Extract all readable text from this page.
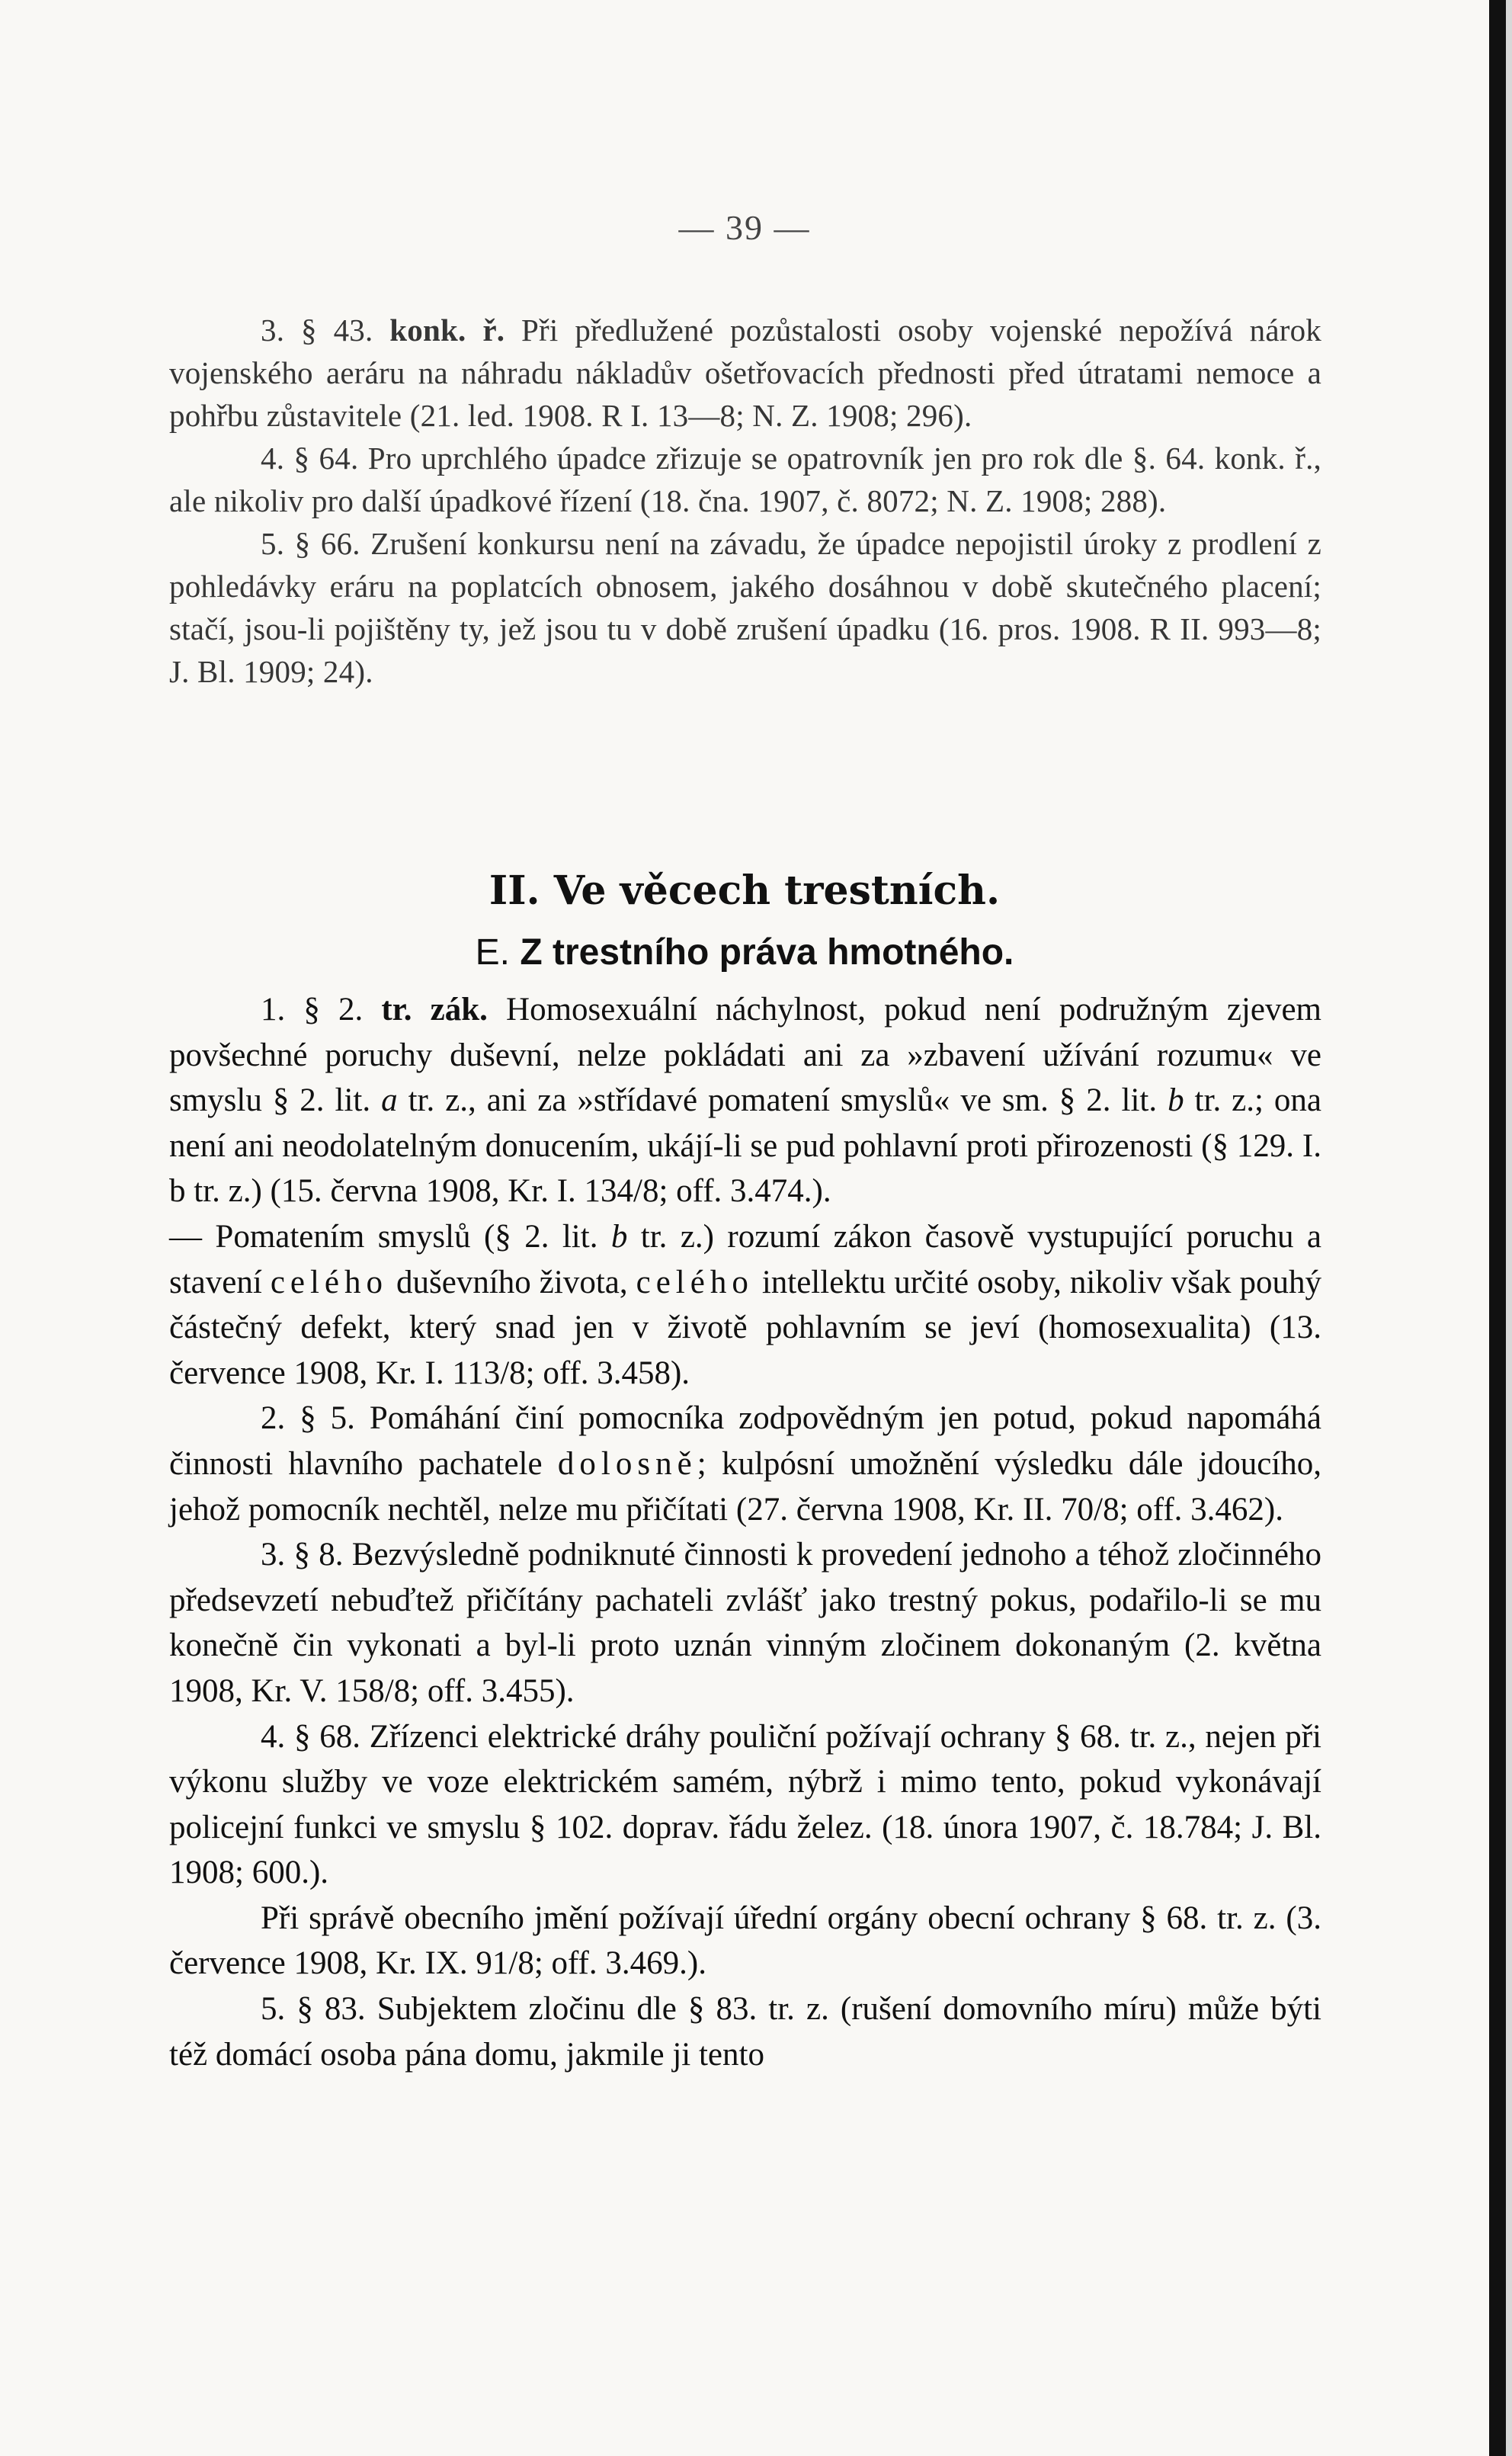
— 39 —

3. § 43. konk. ř. Při předlužené pozůstalosti osoby vojenské nepožívá nárok vojenského aeráru na náhradu nákladův ošetřovacích přednosti před útratami nemoce a pohřbu zůstavitele (21. led. 1908. R I. 13—8; N. Z. 1908; 296).

4. § 64. Pro uprchlého úpadce zřizuje se opatrovník jen pro rok dle §. 64. konk. ř., ale nikoliv pro další úpadkové řízení (18. čna. 1907, č. 8072; N. Z. 1908; 288).

5. § 66. Zrušení konkursu není na závadu, že úpadce nepojistil úroky z prodlení z pohledávky eráru na poplatcích obnosem, jakého dosáhnou v době skutečného placení; stačí, jsou-li pojištěny ty, jež jsou tu v době zrušení úpadku (16. pros. 1908. R II. 993—8; J. Bl. 1909; 24).

II. Ve věcech trestních.
E. Z trestního práva hmotného.

1. § 2. tr. zák. Homosexuální náchylnost, pokud není podružným zjevem povšechné poruchy duševní, nelze pokládati ani za »zbavení užívání rozumu« ve smyslu § 2. lit. a tr. z., ani za »střídavé pomatení smyslů« ve sm. § 2. lit. b tr. z.; ona není ani neodolatelným donucením, ukájí-li se pud pohlavní proti přirozenosti (§ 129. I. b tr. z.) (15. června 1908, Kr. I. 134/8; off. 3.474.).

— Pomatením smyslů (§ 2. lit. b tr. z.) rozumí zákon časově vystupující poruchu a stavení celého duševního života, celého intellektu určité osoby, nikoliv však pouhý částečný defekt, který snad jen v životě pohlavním se jeví (homosexualita) (13. července 1908, Kr. I. 113/8; off. 3.458).

2. § 5. Pomáhání činí pomocníka zodpovědným jen potud, pokud napomáhá činnosti hlavního pachatele dolosně; kulpósní umožnění výsledku dále jdoucího, jehož pomocník nechtěl, nelze mu přičítati (27. června 1908, Kr. II. 70/8; off. 3.462).

3. § 8. Bezvýsledně podniknuté činnosti k provedení jednoho a téhož zločinného předsevzetí nebuďtež přičítány pachateli zvlášť jako trestný pokus, podařilo-li se mu konečně čin vykonati a byl-li proto uznán vinným zločinem dokonaným (2. května 1908, Kr. V. 158/8; off. 3.455).

4. § 68. Zřízenci elektrické dráhy pouliční požívají ochrany § 68. tr. z., nejen při výkonu služby ve voze elektrickém samém, nýbrž i mimo tento, pokud vykonávají policejní funkci ve smyslu § 102. doprav. řádu želez. (18. února 1907, č. 18.784; J. Bl. 1908; 600.).

Při správě obecního jmění požívají úřední orgány obecní ochrany § 68. tr. z. (3. července 1908, Kr. IX. 91/8; off. 3.469.).

5. § 83. Subjektem zločinu dle § 83. tr. z. (rušení domovního míru) může býti též domácí osoba pána domu, jakmile ji tento
